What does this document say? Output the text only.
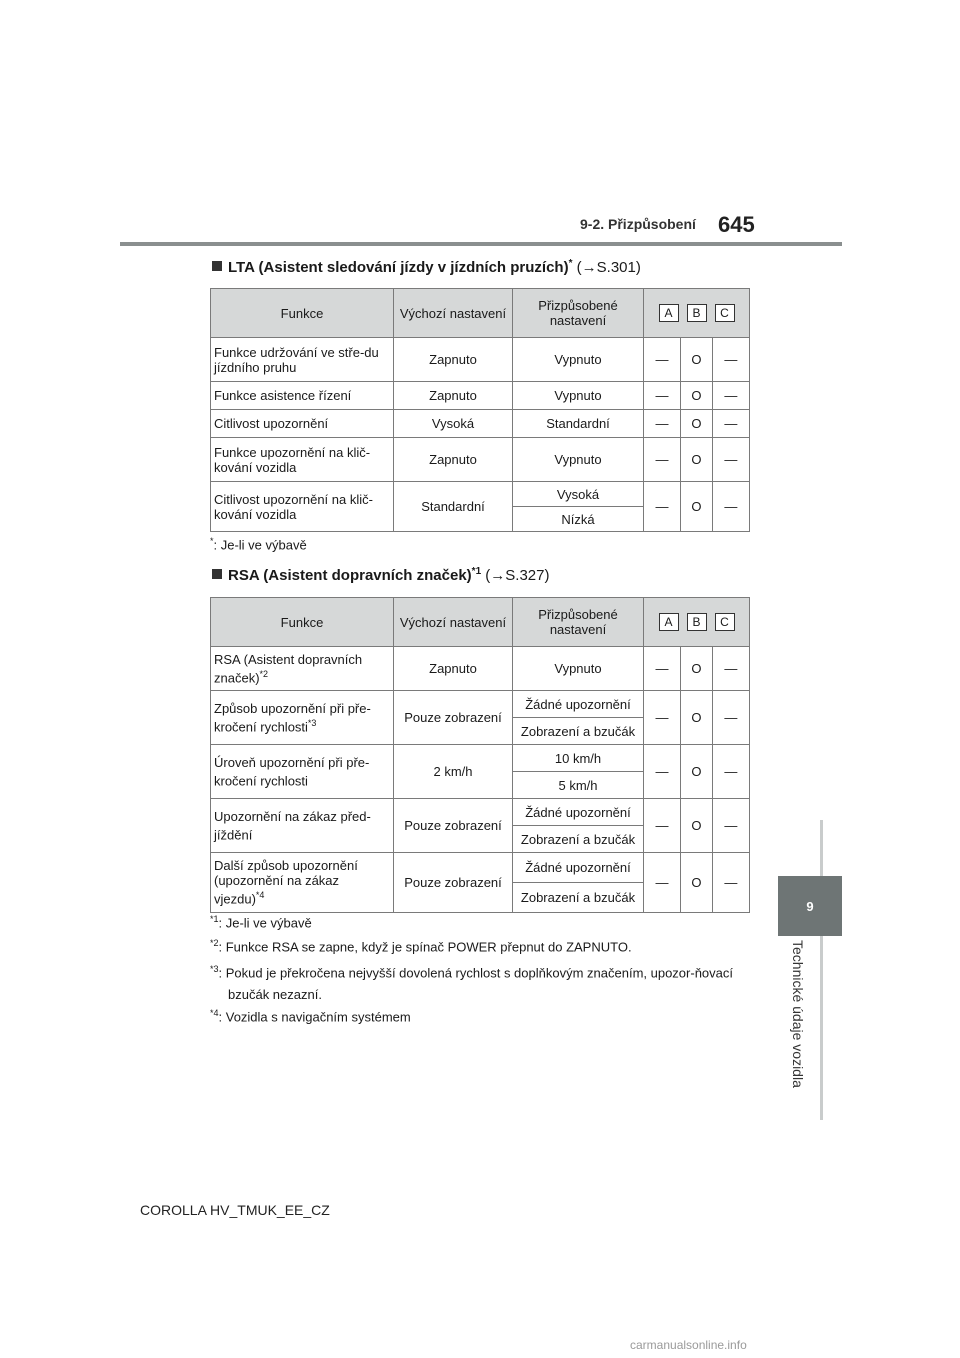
9-2. Přizpůsobení 645
9
Technické údaje vozidla
LTA (Asistent sledování jízdy v jízdních pruzích)* (→S.301)
Funkce	Výchozí nastavení	Přizpůsobené nastavení	A B C		

Funkce udržování ve stře-du jízdního pruhu	Zapnuto	Vypnuto	—	O	—
Funkce asistence řízení	Zapnuto	Vypnuto	—	O	—
Citlivost upozornění	Vysoká	Standardní	—	O	—
Funkce upozornění na klič-kování vozidla	Zapnuto	Vypnuto	—	O	—
Citlivost upozornění na klič-kování vozidla	Standardní	Vysoká	—	O	—
		Nízká			
*: Je-li ve výbavě
RSA (Asistent dopravních značek)$^{*1}$ (→S.327)
Funkce	Výchozí nastavení	Přizpůsobené nastavení	A B C		

RSA (Asistent dopravních značek)$^{*2}$	Zapnuto	Vypnuto	—	O	—
Způsob upozornění při pře-kročení rychlosti$^{*3}$	Pouze zobrazení	Žádné upozornění	—	O	—
		Zobrazení a bzučák			
Úroveň upozornění při pře-kročení rychlosti	2 km/h	10 km/h	—	O	—
		5 km/h			
Upozornění na zákaz před-jíždění	Pouze zobrazení	Žádné upozornění	—	O	—
		Zobrazení a bzučák			
Další způsob upozornění (upozornění na zákaz vjezdu)$^{*4}$	Pouze zobrazení	Žádné upozornění	—	O	—
		Zobrazení a bzučák			
$^{*1}$: Je-li ve výbavě
$^{*2}$: Funkce RSA se zapne, když je spínač POWER přepnut do ZAPNUTO.
$^{*3}$: Pokud je překročena nejvyšší dovolená rychlost s doplňkovým značením, upozor-ňovací bzučák nezazní.
$^{*4}$: Vozidla s navigačním systémem
COROLLA HV_TMUK_EE_CZ
carmanualsonline.info
